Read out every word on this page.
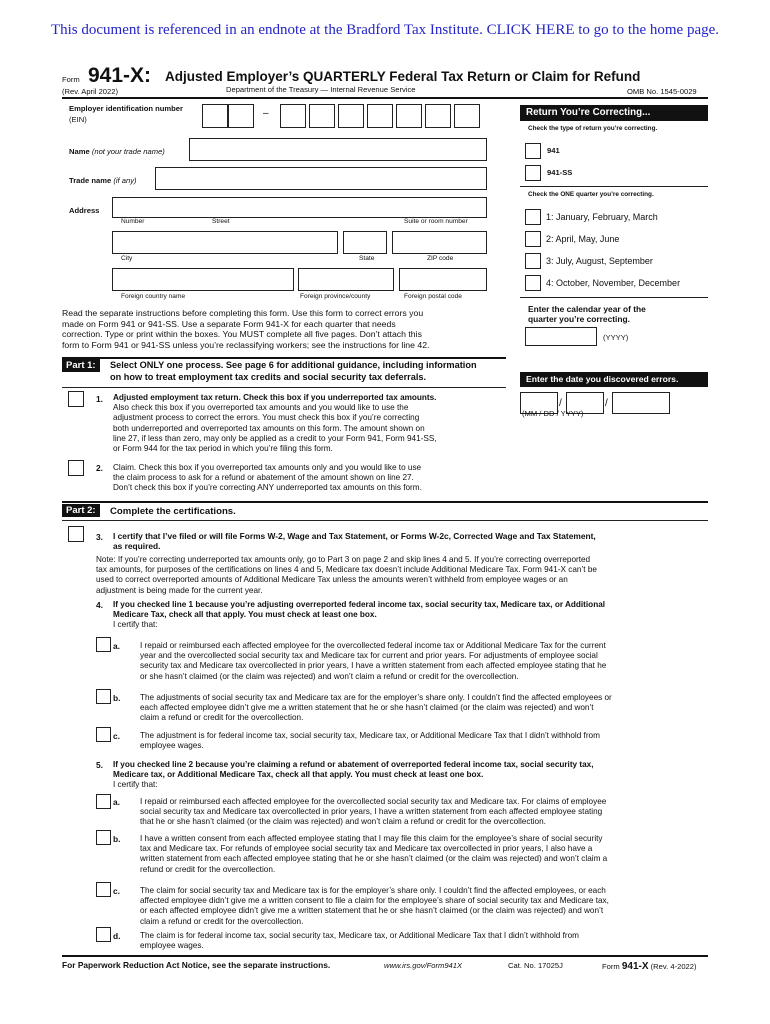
This document is referenced in an endnote at the Bradford Tax Institute. CLICK HERE to go to the home page.
Form 941-X: Adjusted Employer’s QUARTERLY Federal Tax Return or Claim for Refund
(Rev. April 2022)	Department of the Treasury — Internal Revenue Service	OMB No. 1545-0029
Employer identification number
(EIN)
–
Name (not your trade name)
Trade name (if any)
Address
Number	Street	Suite or room number
City	State	ZIP code
Foreign country name	Foreign province/county	Foreign postal code
Read the separate instructions before completing this form. Use this form to correct errors you
made on Form 941 or 941-SS. Use a separate Form 941-X for each quarter that needs
correction. Type or print within the boxes. You MUST complete all five pages. Don’t attach this
form to Form 941 or 941-SS unless you’re reclassifying workers; see the instructions for line 42.
Return You’re Correcting...
Check the type of return you’re correcting.
941
941-SS
Check the ONE quarter you’re correcting.
1: January, February, March
2: April, May, June
3: July, August, September
4: October, November, December
Enter the calendar year of the
quarter you’re correcting.
(YYYY)
Enter the date you discovered errors.
/	/
(MM / DD / YYYY)
Part 1:	Select ONLY one process. See page 6 for additional guidance, including information
on how to treat employment tax credits and social security tax deferrals.
1. Adjusted employment tax return. Check this box if you underreported tax amounts.
Also check this box if you overreported tax amounts and you would like to use the
adjustment process to correct the errors. You must check this box if you’re correcting
both underreported and overreported tax amounts on this form. The amount shown on
line 27, if less than zero, may only be applied as a credit to your Form 941, Form 941-SS,
or Form 944 for the tax period in which you’re filing this form.
2. Claim. Check this box if you overreported tax amounts only and you would like to use
the claim process to ask for a refund or abatement of the amount shown on line 27.
Don’t check this box if you’re correcting ANY underreported tax amounts on this form.
Part 2:	Complete the certifications.
3. I certify that I’ve filed or will file Forms W-2, Wage and Tax Statement, or Forms W-2c, Corrected Wage and Tax Statement,
as required.
Note: If you’re correcting underreported tax amounts only, go to Part 3 on page 2 and skip lines 4 and 5. If you’re correcting overreported
tax amounts, for purposes of the certifications on lines 4 and 5, Medicare tax doesn’t include Additional Medicare Tax. Form 941-X can’t be
used to correct overreported amounts of Additional Medicare Tax unless the amounts weren’t withheld from employee wages or an
adjustment is being made for the current year.
4. If you checked line 1 because you’re adjusting overreported federal income tax, social security tax, Medicare tax, or Additional
Medicare Tax, check all that apply. You must check at least one box.
I certify that:
a. I repaid or reimbursed each affected employee for the overcollected federal income tax or Additional Medicare Tax for the current
year and the overcollected social security tax and Medicare tax for current and prior years. For adjustments of employee social
security tax and Medicare tax overcollected in prior years, I have a written statement from each affected employee stating that he
or she hasn’t claimed (or the claim was rejected) and won’t claim a refund or credit for the overcollection.
b. The adjustments of social security tax and Medicare tax are for the employer’s share only. I couldn’t find the affected employees or
each affected employee didn’t give me a written statement that he or she hasn’t claimed (or the claim was rejected) and won’t
claim a refund or credit for the overcollection.
c. The adjustment is for federal income tax, social security tax, Medicare tax, or Additional Medicare Tax that I didn’t withhold from
employee wages.
5. If you checked line 2 because you’re claiming a refund or abatement of overreported federal income tax, social security tax,
Medicare tax, or Additional Medicare Tax, check all that apply. You must check at least one box.
I certify that:
a. I repaid or reimbursed each affected employee for the overcollected social security tax and Medicare tax. For claims of employee
social security tax and Medicare tax overcollected in prior years, I have a written statement from each affected employee stating
that he or she hasn’t claimed (or the claim was rejected) and won’t claim a refund or credit for the overcollection.
b. I have a written consent from each affected employee stating that I may file this claim for the employee’s share of social security
tax and Medicare tax. For refunds of employee social security tax and Medicare tax overcollected in prior years, I also have a
written statement from each affected employee stating that he or she hasn’t claimed (or the claim was rejected) and won’t claim a
refund or credit for the overcollection.
c. The claim for social security tax and Medicare tax is for the employer’s share only. I couldn’t find the affected employees, or each
affected employee didn’t give me a written consent to file a claim for the employee’s share of social security tax and Medicare tax,
or each affected employee didn’t give me a written statement that he or she hasn’t claimed (or the claim was rejected) and won’t
claim a refund or credit for the overcollection.
d. The claim is for federal income tax, social security tax, Medicare tax, or Additional Medicare Tax that I didn’t withhold from
employee wages.
For Paperwork Reduction Act Notice, see the separate instructions.	www.irs.gov/Form941X	Cat. No. 17025J	Form 941-X (Rev. 4-2022)
